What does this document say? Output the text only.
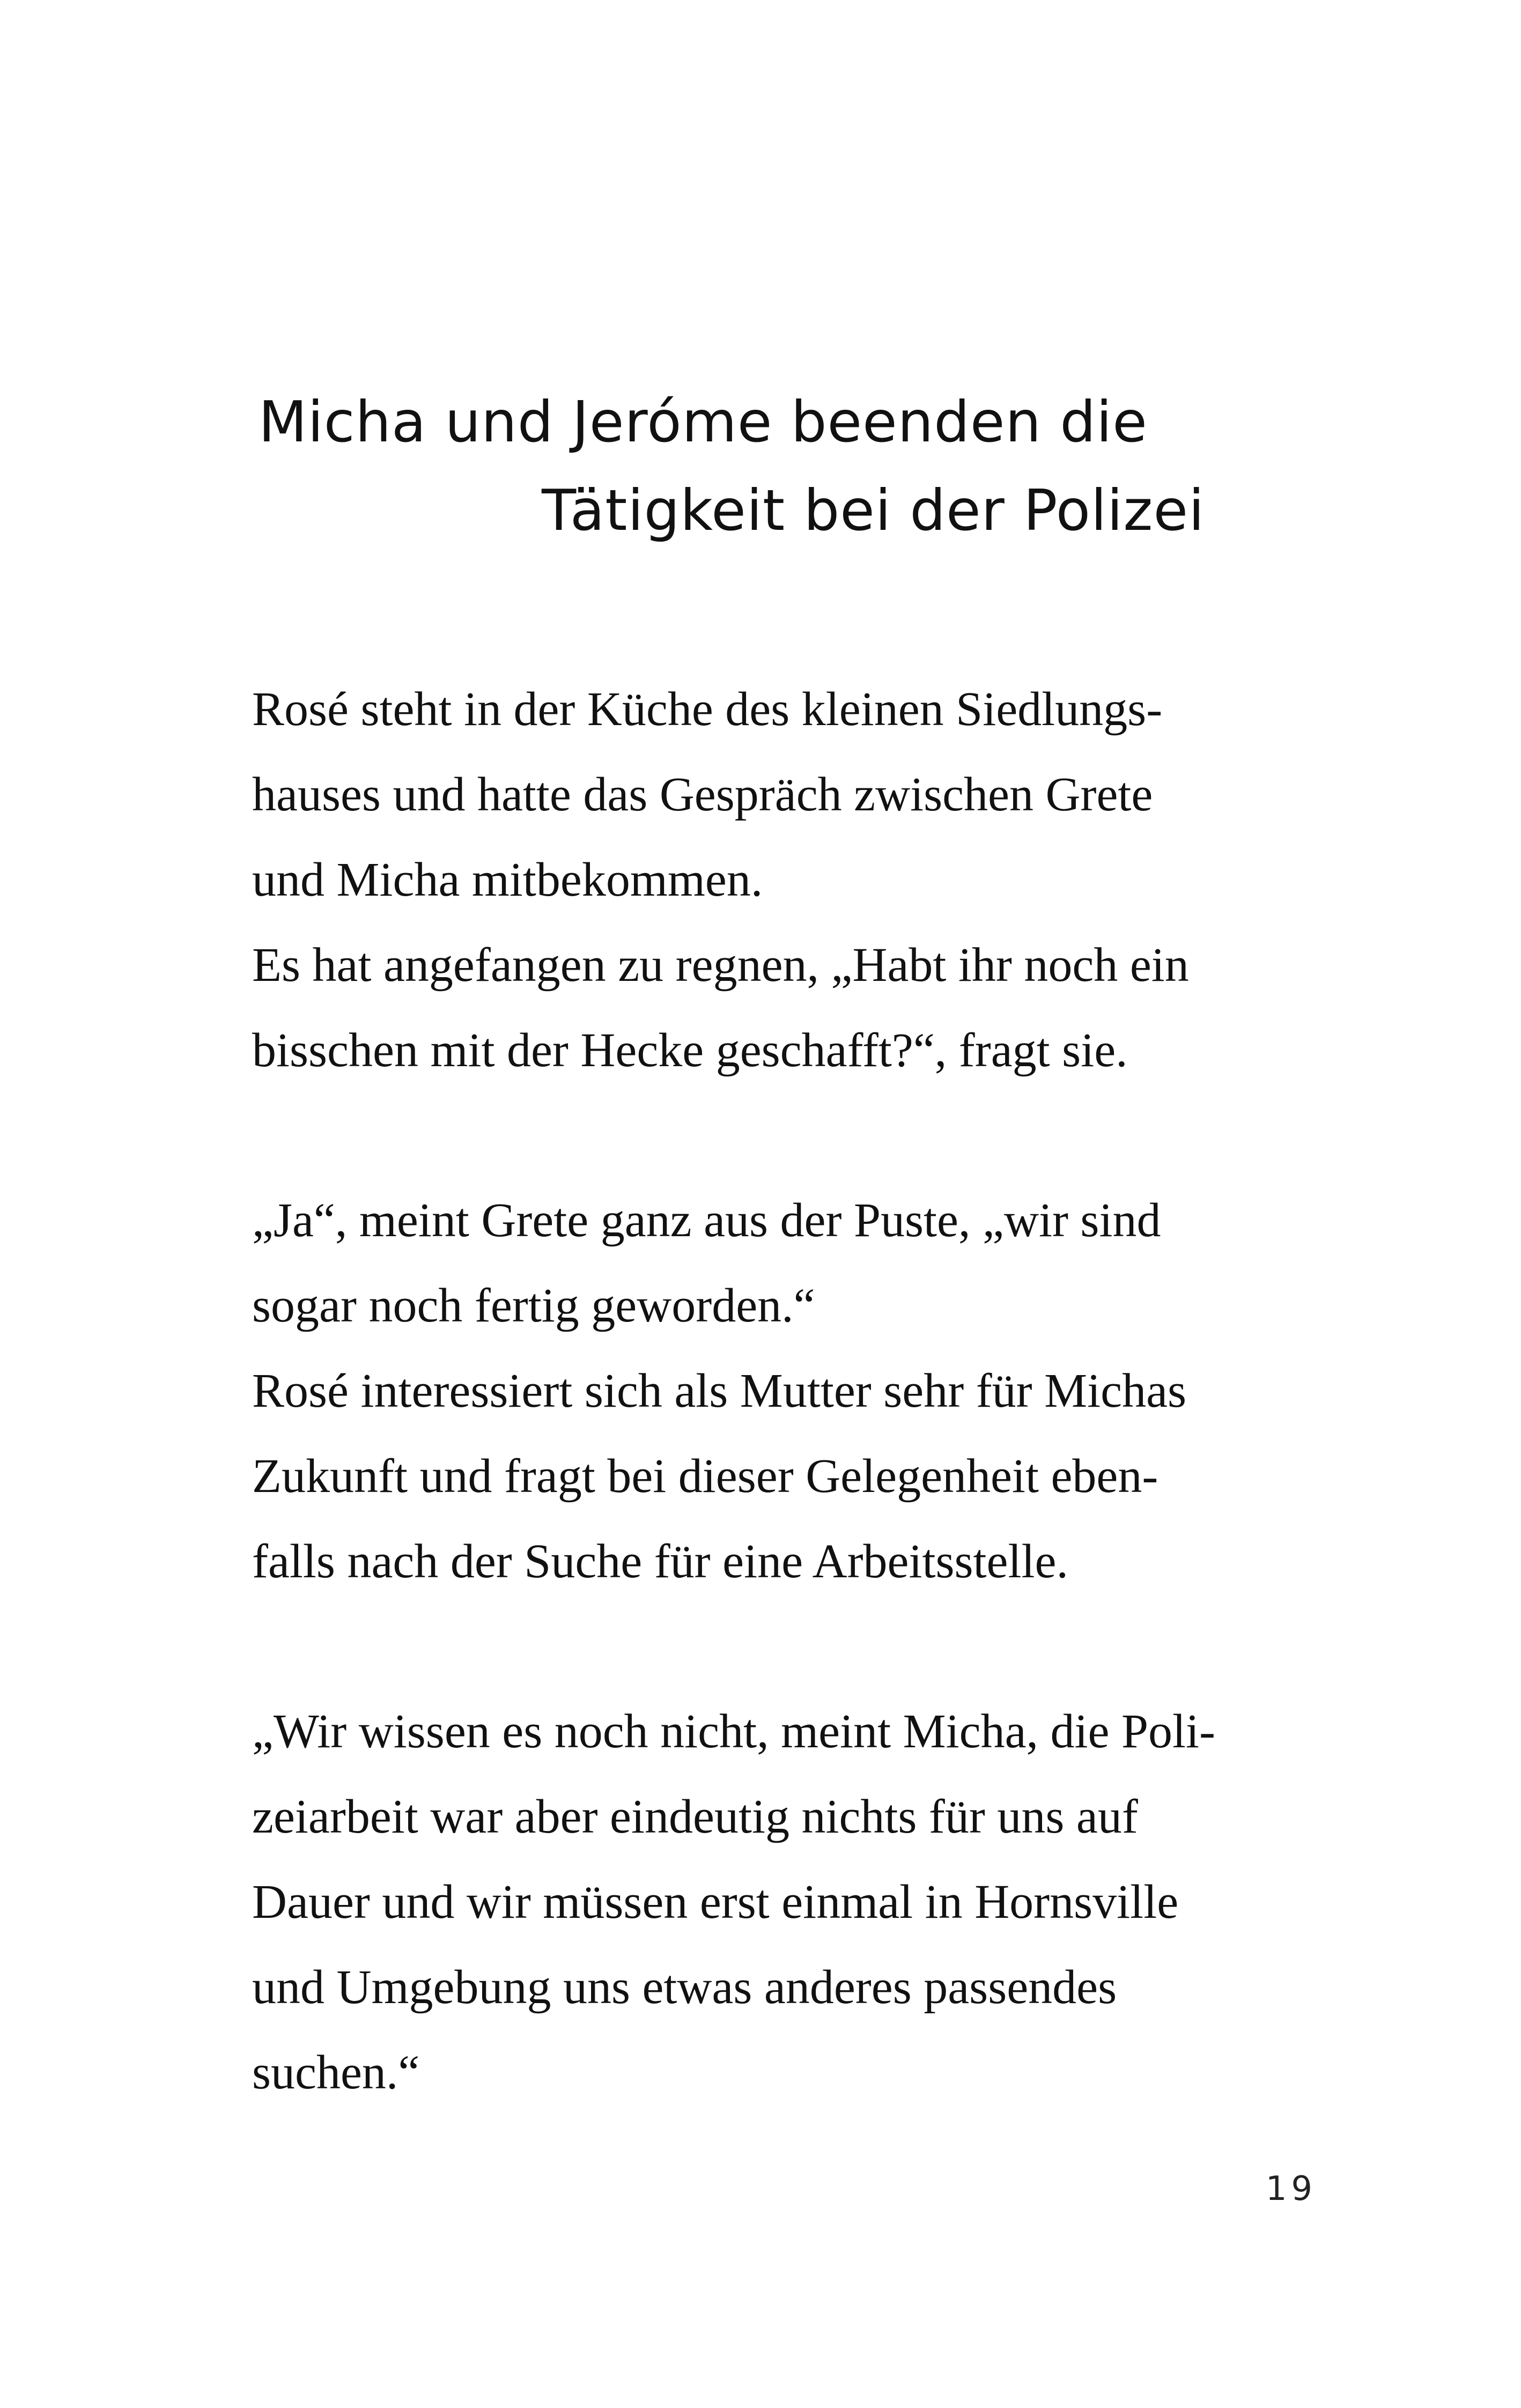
Micha und Jeróme beenden die
Tätigkeit bei der Polizei
Rosé steht in der Küche des kleinen Siedlungs-
hauses und hatte das Gespräch zwischen Grete
und Micha mitbekommen.
Es hat angefangen zu regnen, „Habt ihr noch ein
bisschen mit der Hecke geschafft?“, fragt sie.
„Ja“, meint Grete ganz aus der Puste, „wir sind
sogar noch fertig geworden.“
Rosé interessiert sich als Mutter sehr für Michas
Zukunft und fragt bei dieser Gelegenheit eben-
falls nach der Suche für eine Arbeitsstelle.
„Wir wissen es noch nicht, meint Micha, die Poli-
zeiarbeit war aber eindeutig nichts für uns auf
Dauer und wir müssen erst einmal in Hornsville
und Umgebung uns etwas anderes passendes
suchen.“
19
